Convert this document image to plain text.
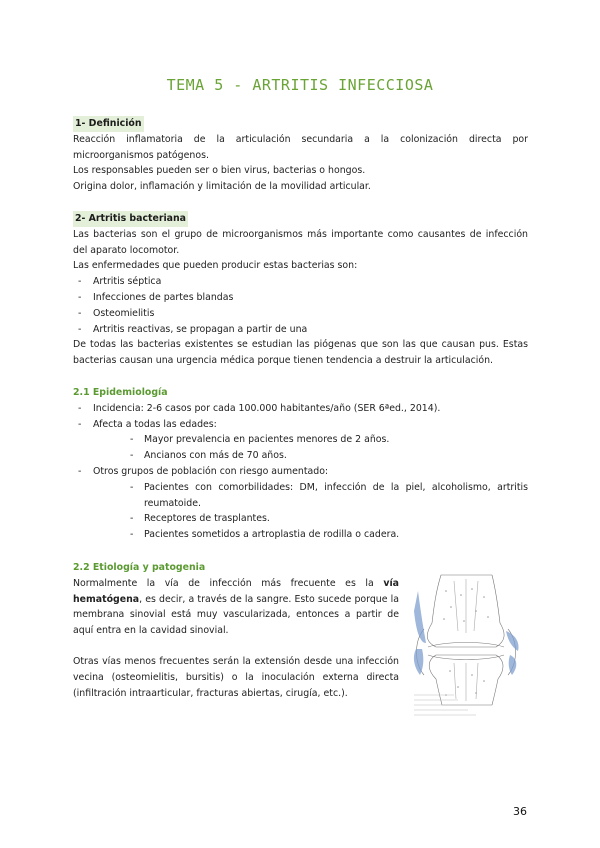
TEMA 5 - ARTRITIS INFECCIOSA
1- Definición

Reacción inflamatoria de la articulación secundaria a la colonización directa por microorganismos patógenos.

Los responsables pueden ser o bien virus, bacterias o hongos.

Origina dolor, inflamación y limitación de la movilidad articular.

2- Artritis bacteriana

Las bacterias son el grupo de microorganismos más importante como causantes de infección del aparato locomotor.

Las enfermedades que pueden producir estas bacterias son:

- Artritis séptica
- Infecciones de partes blandas
- Osteomielitis
- Artritis reactivas, se propagan a partir de una

De todas las bacterias existentes se estudian las piógenas que son las que causan pus. Estas bacterias causan una urgencia médica porque tienen tendencia a destruir la articulación.

2.1 Epidemiología
- Incidencia: 2-6 casos por cada 100.000 habitantes/año (SER 6ªed., 2014).
- Afecta a todas las edades:
- Mayor prevalencia en pacientes menores de 2 años.
- Ancianos con más de 70 años.
- Otros grupos de población con riesgo aumentado:
- Pacientes con comorbilidades: DM, infección de la piel, alcoholismo, artritis reumatoide.
- Receptores de trasplantes.
- Pacientes sometidos a artroplastia de rodilla o cadera.
2.2 Etiología y patogenia

Normalmente la vía de infección más frecuente es la vía hematógena, es decir, a través de la sangre. Esto sucede porque la membrana sinovial está muy vascularizada, entonces a partir de aquí entra en la cavidad sinovial.

Otras vías menos frecuentes serán la extensión desde una infección vecina (osteomielitis, bursitis) o la inoculación externa directa (infiltración intraarticular, fracturas abiertas, cirugía, etc.).

36
